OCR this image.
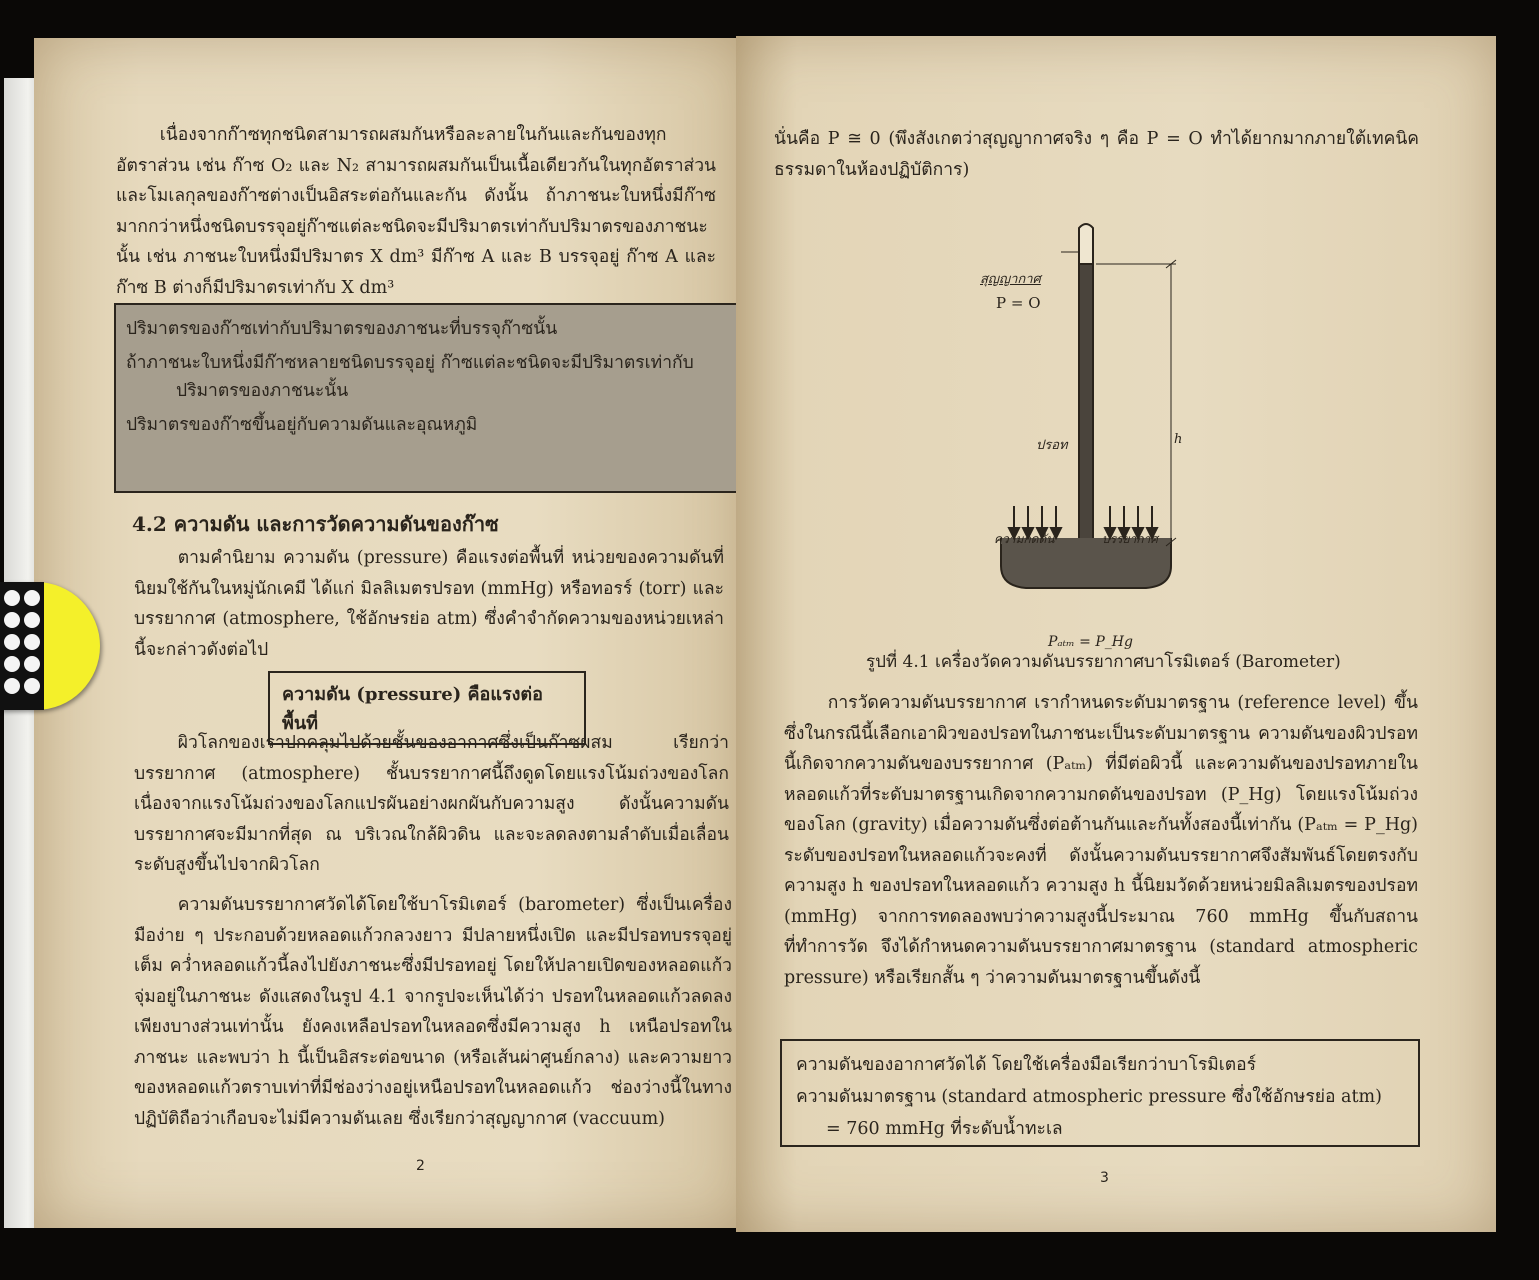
เนื่องจากก๊าซทุกชนิดสามารถผสมกันหรือละลายในกันและกันของทุกอัตราส่วน เช่น ก๊าซ O₂ และ N₂ สามารถผสมกันเป็นเนื้อเดียวกันในทุกอัตราส่วน และโมเลกุลของก๊าซต่างเป็นอิสระต่อกันและกัน ดังนั้น ถ้าภาชนะใบหนึ่งมีก๊าซมากกว่าหนึ่งชนิดบรรจุอยู่ก๊าซแต่ละชนิดจะมีปริมาตรเท่ากับปริมาตรของภาชนะนั้น เช่น ภาชนะใบหนึ่งมีปริมาตร X dm³ มีก๊าซ A และ B บรรจุอยู่ ก๊าซ A และก๊าซ B ต่างก็มีปริมาตรเท่ากับ X dm³

ปริมาตรของก๊าซเท่ากับปริมาตรของภาชนะที่บรรจุก๊าซนั้น

ถ้าภาชนะใบหนึ่งมีก๊าซหลายชนิดบรรจุอยู่ ก๊าซแต่ละชนิดจะมีปริมาตรเท่ากับ

ปริมาตรของภาชนะนั้น

ปริมาตรของก๊าซขึ้นอยู่กับความดันและอุณหภูมิ

4.2 ความดัน และการวัดความดันของก๊าซ

ตามคำนิยาม ความดัน (pressure) คือแรงต่อพื้นที่ หน่วยของความดันที่นิยมใช้กันในหมู่นักเคมี ได้แก่ มิลลิเมตรปรอท (mmHg) หรือทอรร์ (torr) และบรรยากาศ (atmosphere, ใช้อักษรย่อ atm) ซึ่งคำจำกัดความของหน่วยเหล่านี้จะกล่าวดังต่อไป

ความดัน (pressure) คือแรงต่อพื้นที่

ผิวโลกของเราปกคลุมไปด้วยชั้นของอากาศซึ่งเป็นก๊าซผสม เรียกว่า บรรยากาศ (atmosphere) ชั้นบรรยากาศนี้ถึงดูดโดยแรงโน้มถ่วงของโลก เนื่องจากแรงโน้มถ่วงของโลกแปรผันอย่างผกผันกับความสูง ดังนั้นความดันบรรยากาศจะมีมากที่สุด ณ บริเวณใกล้ผิวดิน และจะลดลงตามลำดับเมื่อเลื่อนระดับสูงขึ้นไปจากผิวโลก

ความดันบรรยากาศวัดได้โดยใช้บาโรมิเตอร์ (barometer) ซึ่งเป็นเครื่องมือง่าย ๆ ประกอบด้วยหลอดแก้วกลวงยาว มีปลายหนึ่งเปิด และมีปรอทบรรจุอยู่เต็ม คว่ำหลอดแก้วนี้ลงไปยังภาชนะซึ่งมีปรอทอยู่ โดยให้ปลายเปิดของหลอดแก้วจุ่มอยู่ในภาชนะ ดังแสดงในรูป 4.1 จากรูปจะเห็นได้ว่า ปรอทในหลอดแก้วลดลงเพียงบางส่วนเท่านั้น ยังคงเหลือปรอทในหลอดซึ่งมีความสูง h เหนือปรอทในภาชนะ และพบว่า h นี้เป็นอิสระต่อขนาด (หรือเส้นผ่าศูนย์กลาง) และความยาวของหลอดแก้วตราบเท่าที่มีช่องว่างอยู่เหนือปรอทในหลอดแก้ว ช่องว่างนี้ในทางปฏิบัติถือว่าเกือบจะไม่มีความดันเลย ซึ่งเรียกว่าสุญญากาศ (vaccuum)

2

นั่นคือ P ≅ 0 (พึงสังเกตว่าสุญญากาศจริง ๆ คือ P = O ทำได้ยากมากภายใต้เทคนิคธรรมดาในห้องปฏิบัติการ)

สุญญากาศ
P = O
ปรอท	h
ความกดดัน	บรรยากาศ
Pₐₜₘ = P_Hg
รูปที่ 4.1 เครื่องวัดความดันบรรยากาศบาโรมิเตอร์ (Barometer)

การวัดความดันบรรยากาศ เรากำหนดระดับมาตรฐาน (reference level) ขึ้น ซึ่งในกรณีนี้เลือกเอาผิวของปรอทในภาชนะเป็นระดับมาตรฐาน ความดันของผิวปรอทนี้เกิดจากความดันของบรรยากาศ (Pₐₜₘ) ที่มีต่อผิวนี้ และความดันของปรอทภายในหลอดแก้วที่ระดับมาตรฐานเกิดจากความกดดันของปรอท (P_Hg) โดยแรงโน้มถ่วงของโลก (gravity) เมื่อความดันซึ่งต่อต้านกันและกันทั้งสองนี้เท่ากัน (Pₐₜₘ = P_Hg) ระดับของปรอทในหลอดแก้วจะคงที่ ดังนั้นความดันบรรยากาศจึงสัมพันธ์โดยตรงกับความสูง h ของปรอทในหลอดแก้ว ความสูง h นี้นิยมวัดด้วยหน่วยมิลลิเมตรของปรอท (mmHg) จากการทดลองพบว่าความสูงนี้ประมาณ 760 mmHg ขึ้นกับสถานที่ทำการวัด จึงได้กำหนดความดันบรรยากาศมาตรฐาน (standard atmospheric pressure) หรือเรียกสั้น ๆ ว่าความดันมาตรฐานขึ้นดังนี้

ความดันของอากาศวัดได้ โดยใช้เครื่องมือเรียกว่าบาโรมิเตอร์

ความดันมาตรฐาน (standard atmospheric pressure ซึ่งใช้อักษรย่อ atm)

= 760 mmHg ที่ระดับน้ำทะเล

3
